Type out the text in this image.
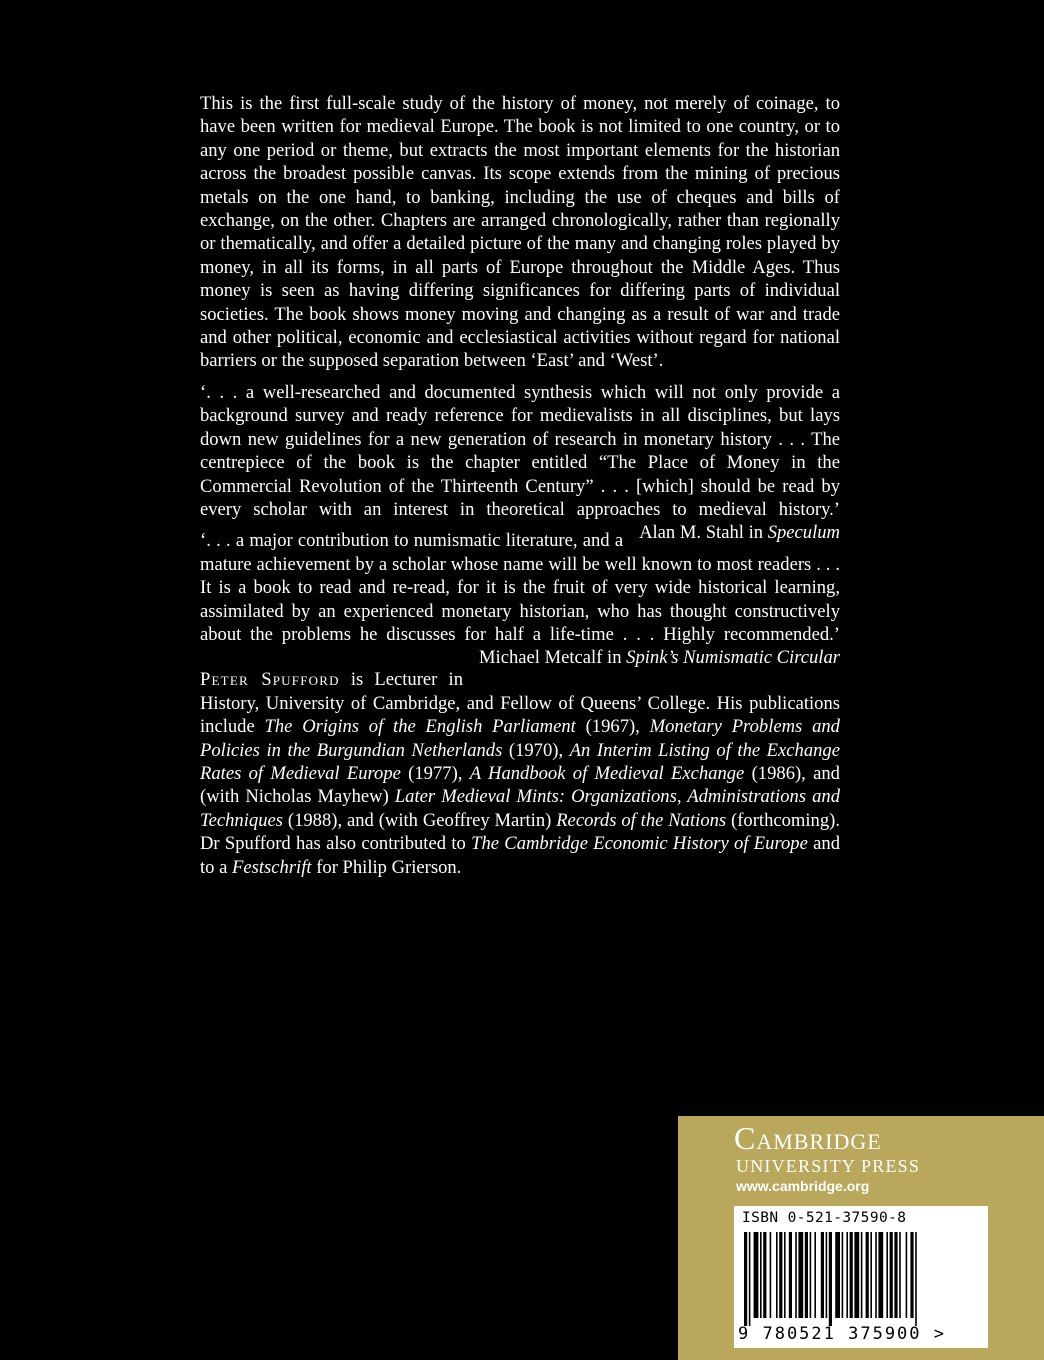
This is the first full-scale study of the history of money, not merely of coinage, to have been written for medieval Europe. The book is not limited to one country, or to any one period or theme, but extracts the most important elements for the historian across the broadest possible canvas. Its scope extends from the mining of precious metals on the one hand, to banking, including the use of cheques and bills of exchange, on the other. Chapters are arranged chronologically, rather than regionally or thematically, and offer a detailed picture of the many and changing roles played by money, in all its forms, in all parts of Europe throughout the Middle Ages. Thus money is seen as having differing significances for differing parts of individual societies. The book shows money moving and changing as a result of war and trade and other political, economic and ecclesiastical activities without regard for national barriers or the supposed separation between ‘East’ and ‘West’.

‘. . . a well-researched and documented synthesis which will not only provide a background survey and ready reference for medievalists in all disciplines, but lays down new guidelines for a new generation of research in monetary history . . . The centrepiece of the book is the chapter entitled “The Place of Money in the Commercial Revolution of the Thirteenth Century” . . . [which] should be read by every scholar with an interest in theoretical approaches to medieval history.’
Alan M. Stahl in Speculum

‘. . . a major contribution to numismatic literature, and a mature achievement by a scholar whose name will be well known to most readers . . . It is a book to read and re-read, for it is the fruit of very wide historical learning, assimilated by an experienced monetary historian, who has thought constructively about the problems he discusses for half a life-time . . . Highly recommended.’
Michael Metcalf in Spink’s Numismatic Circular

Peter Spufford is Lecturer in History, University of Cambridge, and Fellow of Queens’ College. His publications include The Origins of the English Parliament (1967), Monetary Problems and Policies in the Burgundian Netherlands (1970), An Interim Listing of the Exchange Rates of Medieval Europe (1977), A Handbook of Medieval Exchange (1986), and (with Nicholas Mayhew) Later Medieval Mints: Organizations, Administrations and Techniques (1988), and (with Geoffrey Martin) Records of the Nations (forthcoming). Dr Spufford has also contributed to The Cambridge Economic History of Europe and to a Festschrift for Philip Grierson.

Cambridge
UNIVERSITY PRESS
www.cambridge.org
ISBN 0-521-37590-8
9 780521 375900 >
